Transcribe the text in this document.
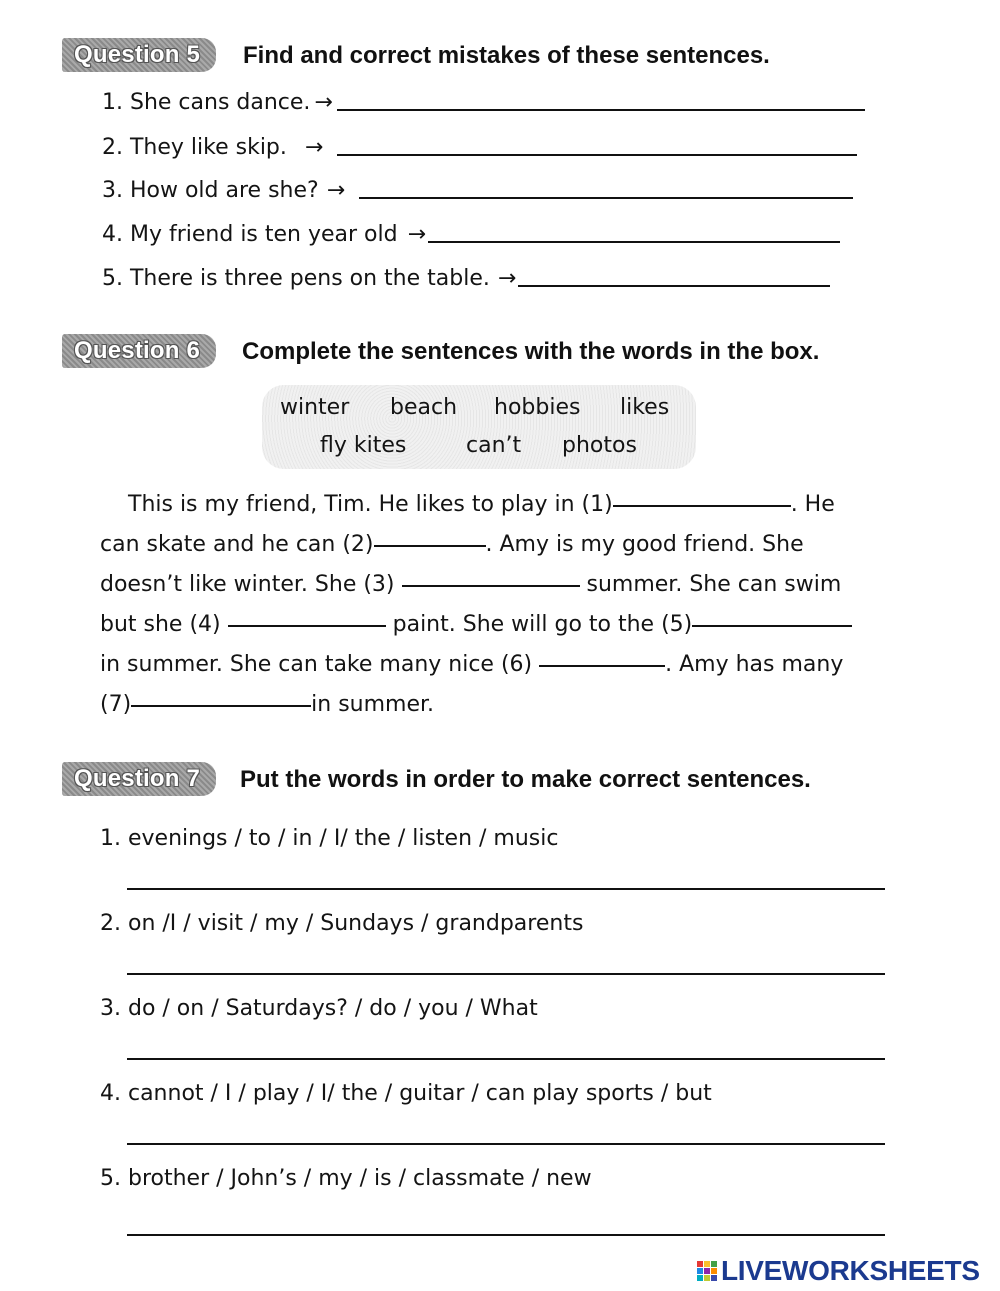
Question 5	Find and correct mistakes of these sentences.
1. She cans dance. →
2. They like skip. →
3. How old are she? →
4. My friend is ten year old →
5. There is three pens on the table. →
Question 6	Complete the sentences with the words in the box.
winter beach hobbies likes
fly kites	can’t photos
This is my friend, Tim. He likes to play in (1)	. He
can skate and he can (2)	. Amy is my good friend. She
doesn’t like winter. She (3)	summer. She can swim
but she (4)	paint. She will go to the (5)
in summer. She can take many nice (6)	. Amy has many
(7)	in summer.
Question 7	Put the words in order to make correct sentences.
1. evenings / to / in / I/ the / listen / music
2. on /I / visit / my / Sundays / grandparents
3. do / on / Saturdays? / do / you / What
4. cannot / I / play / I/ the / guitar / can play sports / but
5. brother / John’s / my / is / classmate / new
LIVEWORKSHEETS
